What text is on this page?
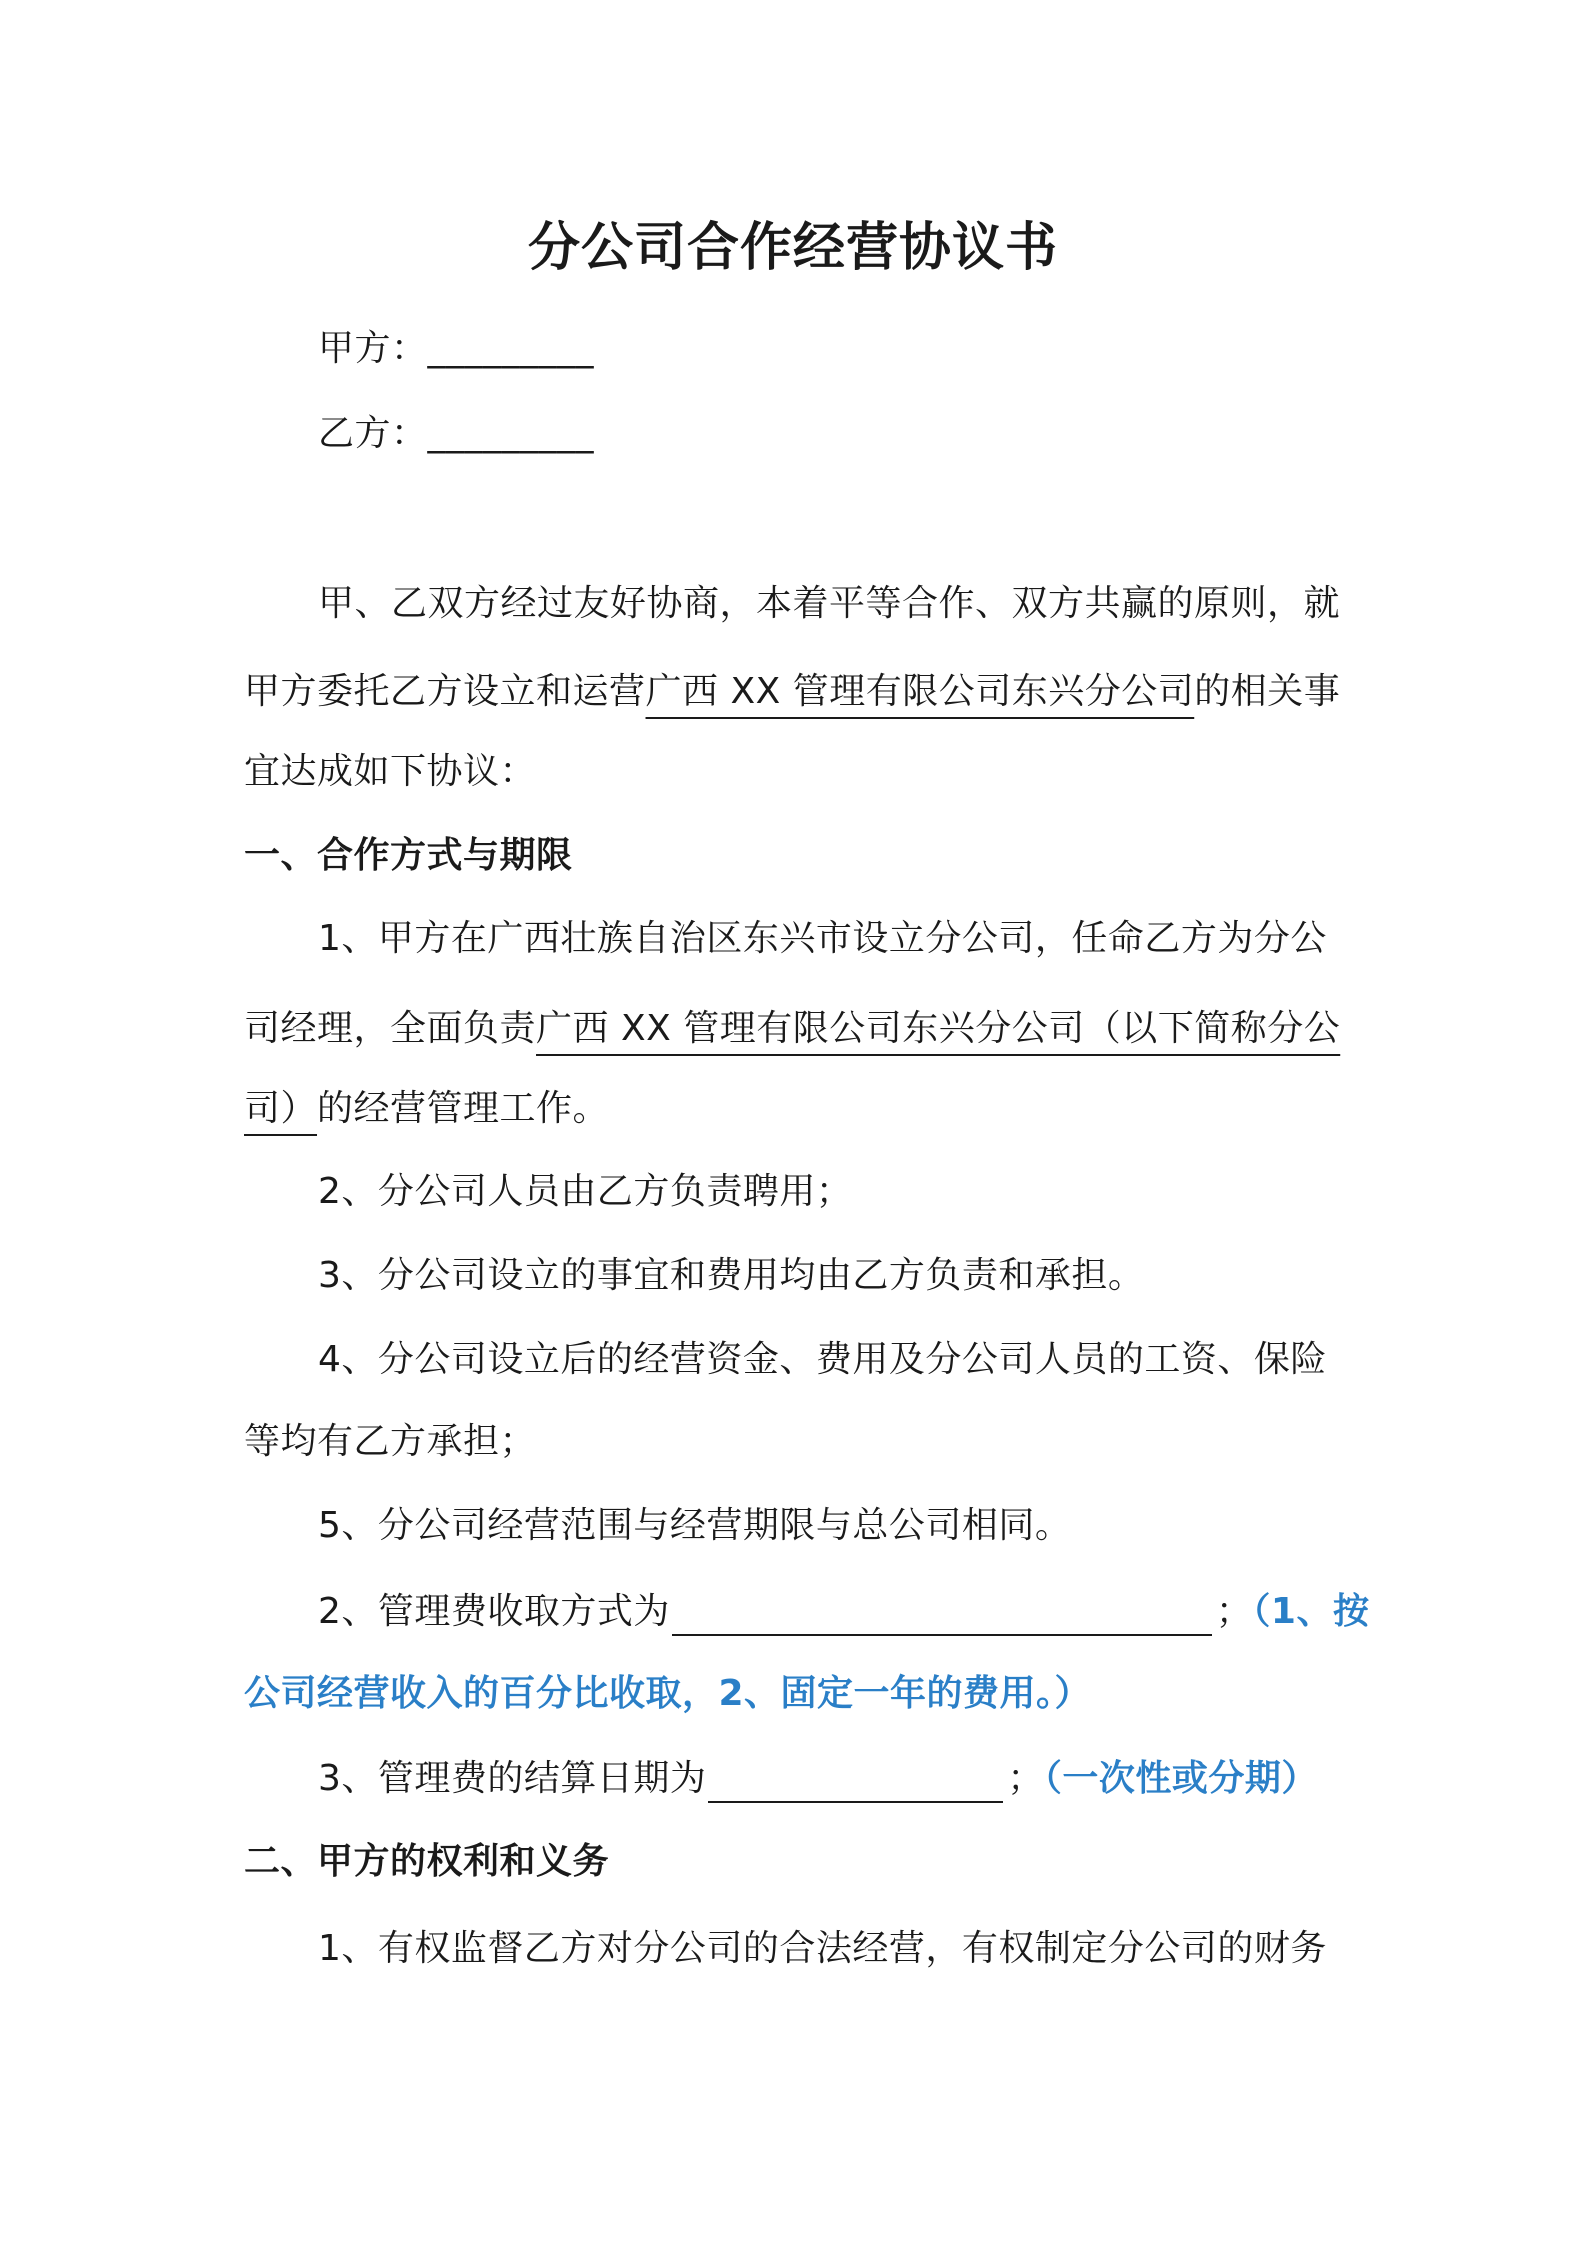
分公司合作经营协议书
甲方：_________
乙方：_________
甲、乙双方经过友好协商，本着平等合作、双方共赢的原则，就
甲方委托乙方设立和运营广西 XX 管理有限公司东兴分公司的相关事
宜达成如下协议：
一、合作方式与期限
1、甲方在广西壮族自治区东兴市设立分公司，任命乙方为分公
司经理，全面负责广西 XX 管理有限公司东兴分公司（以下简称分公
司）的经营管理工作。
2、分公司人员由乙方负责聘用；
3、分公司设立的事宜和费用均由乙方负责和承担。
4、分公司设立后的经营资金、费用及分公司人员的工资、保险
等均有乙方承担；
5、分公司经营范围与经营期限与总公司相同。
2、管理费收取方式为	；（1、按
公司经营收入的百分比收取，2、固定一年的费用。）
3、管理费的结算日期为	；（一次性或分期）
二、甲方的权利和义务
1、有权监督乙方对分公司的合法经营，有权制定分公司的财务
